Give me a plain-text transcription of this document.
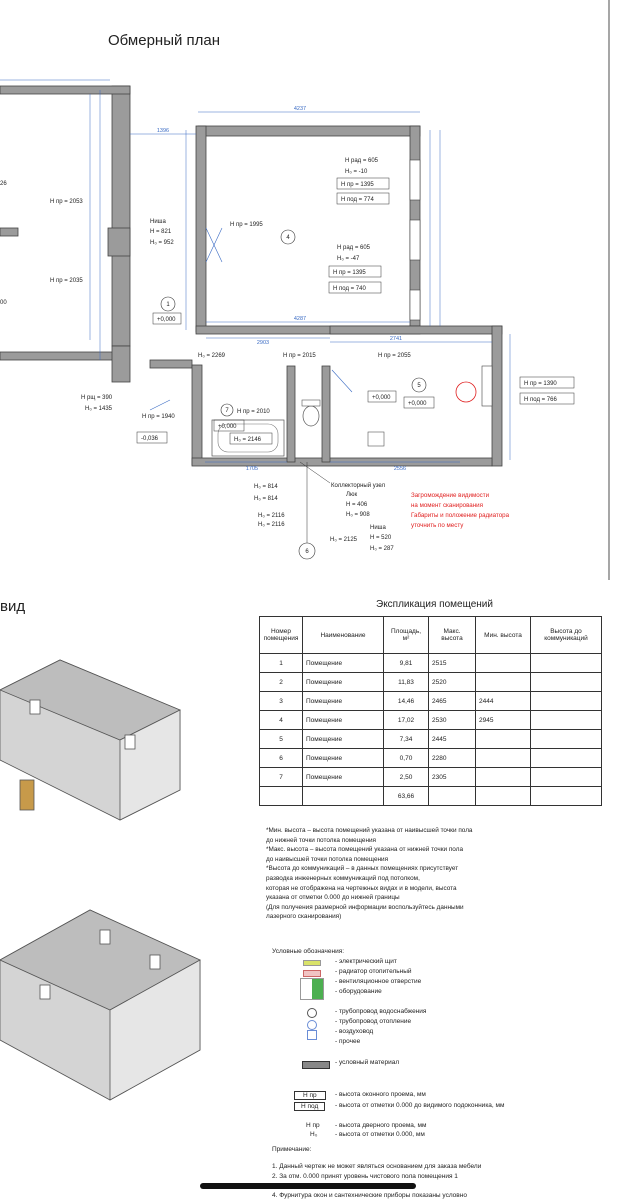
Обмерный план
1
4
5
6
7
4237
1396
4287
2903
2741
2556
1705
H рад = 605
H₀ = -10
H пр = 1395
H под = 774
H рад = 605
H₀ = -47
H пр = 1395
H под = 740
H пр = 1995
H пр = 2053
H пр = 2035
Ниша
H = 821
H₀ = 952
H₀ = 2269	H пр = 2015	H пр = 2055
H рщ = 390
H₀ = 1435
H пр = 1940
H пр = 2010
H₀ = 2146
H пр = 1390
H под = 766
H₀ = 814
H₀ = 814
H₀ = 2116
H₀ = 2116
H₀ = 2125
Коллекторный узел
Люк
H = 406
H₀ = 908
Ниша
H = 520
H₀ = 287
+0,000
+0,000
+0,000
+0,000
-0,036
26
00
Загромождение видимости
на момент сканирования
Габариты и положение радиатора
уточнить по месту
вид	Экспликация помещений
Номер помещения	Наименование	Площадь, м²	Макс. высота	Мин. высота	Высота до коммуникаций
1	Помещение	9,81	2515		
2	Помещение	11,83	2520		
3	Помещение	14,46	2465	2444	
4	Помещение	17,02	2530	2945	
5	Помещение	7,34	2445		
6	Помещение	0,70	2280		
7	Помещение	2,50	2305		
		63,66			
*Мин. высота – высота помещений указана от наивысшей точки пола
до нижней точки потолка помещения
*Макс. высота – высота помещений указана от нижней точки пола
до наивысшей точки потолка помещения
*Высота до коммуникаций – в данных помещениях присутствует
разводка инженерных коммуникаций под потолком,
которая не отображена на чертежных видах и в модели, высота
указана от отметки 0.000 до нижней границы
(Для получения размерной информации воспользуйтесь данными
лазерного сканирования)
Условные обозначения:
- электрический щит
- радиатор отопительный
- вентиляционное отверстие
- оборудование
- трубопровод водоснабжения
- трубопровод отопление
- воздуховод
- прочее
- условный материал
H пр	- высота оконного проема, мм
H под	- высота от отметки 0.000 до видимого подоконника, мм
H пр - высота дверного проема, мм
H₀	- высота от отметки 0.000, мм
Примечание:
1. Данный чертеж не может являться основанием для заказа мебели
2. За отм. 0.000 принят уровень чистового пола помещения 1
4. Фурнитура окон и сантехнические приборы показаны условно
